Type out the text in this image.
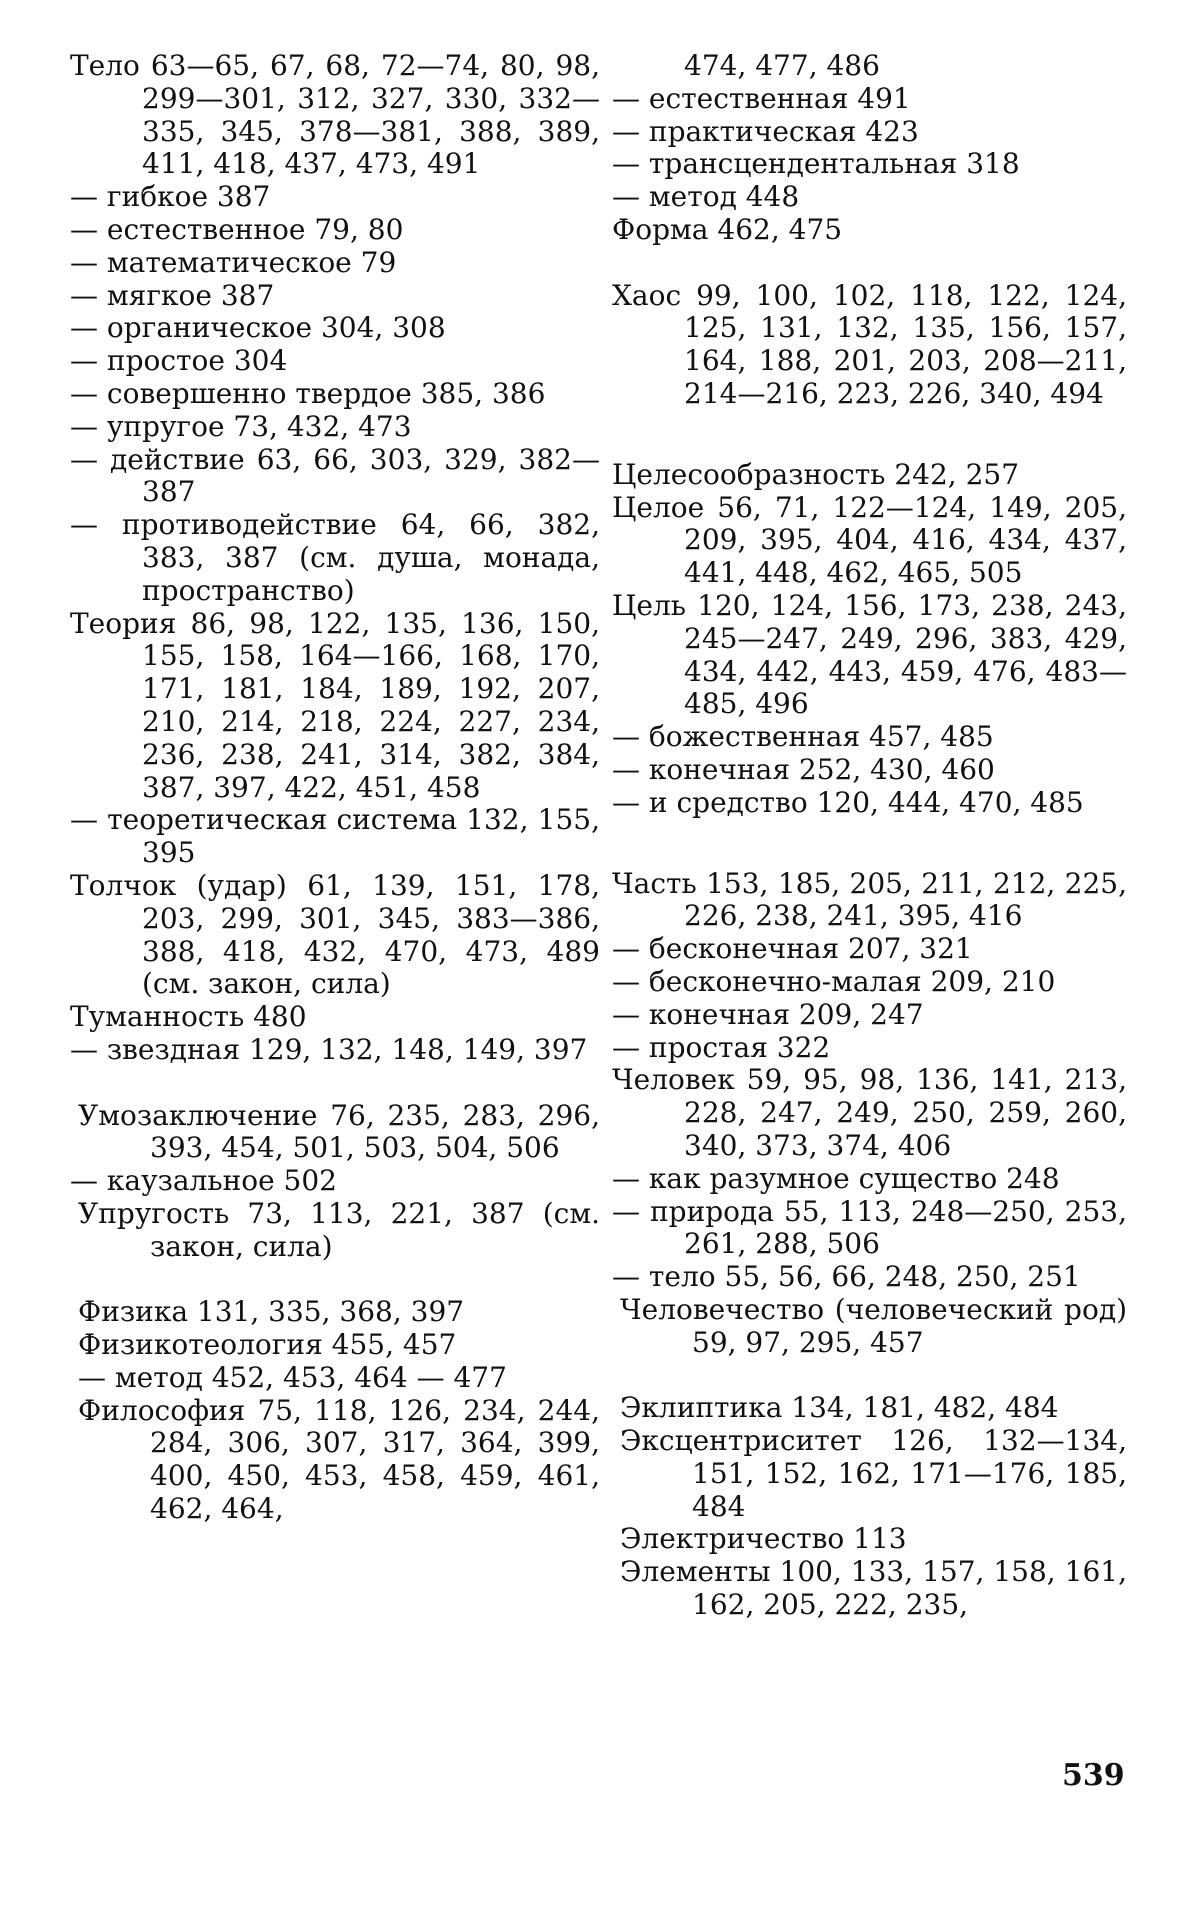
Тело 63—65, 67, 68, 72—74, 80, 98, 299—301, 312, 327, 330, 332—335, 345, 378—381, 388, 389, 411, 418, 437, 473, 491
— гибкое 387
— естественное 79, 80
— математическое 79
— мягкое 387
— органическое 304, 308
— простое 304
— совершенно твердое 385, 386
— упругое 73, 432, 473
— действие 63, 66, 303, 329, 382—387
— противодействие 64, 66, 382, 383, 387 (см. душа, монада, пространство)
Теория 86, 98, 122, 135, 136, 150, 155, 158, 164—166, 168, 170, 171, 181, 184, 189, 192, 207, 210, 214, 218, 224, 227, 234, 236, 238, 241, 314, 382, 384, 387, 397, 422, 451, 458
— теоретическая система 132, 155, 395
Толчок (удар) 61, 139, 151, 178, 203, 299, 301, 345, 383—386, 388, 418, 432, 470, 473, 489 (см. закон, сила)
Туманность 480
— звездная 129, 132, 148, 149, 397
Умозаключение 76, 235, 283, 296, 393, 454, 501, 503, 504, 506
— каузальное 502
Упругость 73, 113, 221, 387 (см. закон, сила)
Физика 131, 335, 368, 397
Физикотеология 455, 457
— метод 452, 453, 464 — 477
Философия 75, 118, 126, 234, 244, 284, 306, 307, 317, 364, 399, 400, 450, 453, 458, 459, 461, 462, 464,
474, 477, 486
— естественная 491
— практическая 423
— трансцендентальная 318
— метод 448
Форма 462, 475
Хаос 99, 100, 102, 118, 122, 124, 125, 131, 132, 135, 156, 157, 164, 188, 201, 203, 208—211, 214—216, 223, 226, 340, 494
Целесообразность 242, 257
Целое 56, 71, 122—124, 149, 205, 209, 395, 404, 416, 434, 437, 441, 448, 462, 465, 505
Цель 120, 124, 156, 173, 238, 243, 245—247, 249, 296, 383, 429, 434, 442, 443, 459, 476, 483—485, 496
— божественная 457, 485
— конечная 252, 430, 460
— и средство 120, 444, 470, 485
Часть 153, 185, 205, 211, 212, 225, 226, 238, 241, 395, 416
— бесконечная 207, 321
— бесконечно-малая 209, 210
— конечная 209, 247
— простая 322
Человек 59, 95, 98, 136, 141, 213, 228, 247, 249, 250, 259, 260, 340, 373, 374, 406
— как разумное существо 248
— природа 55, 113, 248—250, 253, 261, 288, 506
— тело 55, 56, 66, 248, 250, 251
Человечество (человеческий род) 59, 97, 295, 457
Эклиптика 134, 181, 482, 484
Эксцентриситет 126, 132—134, 151, 152, 162, 171—176, 185, 484
Электричество 113
Элементы 100, 133, 157, 158, 161, 162, 205, 222, 235,
539
